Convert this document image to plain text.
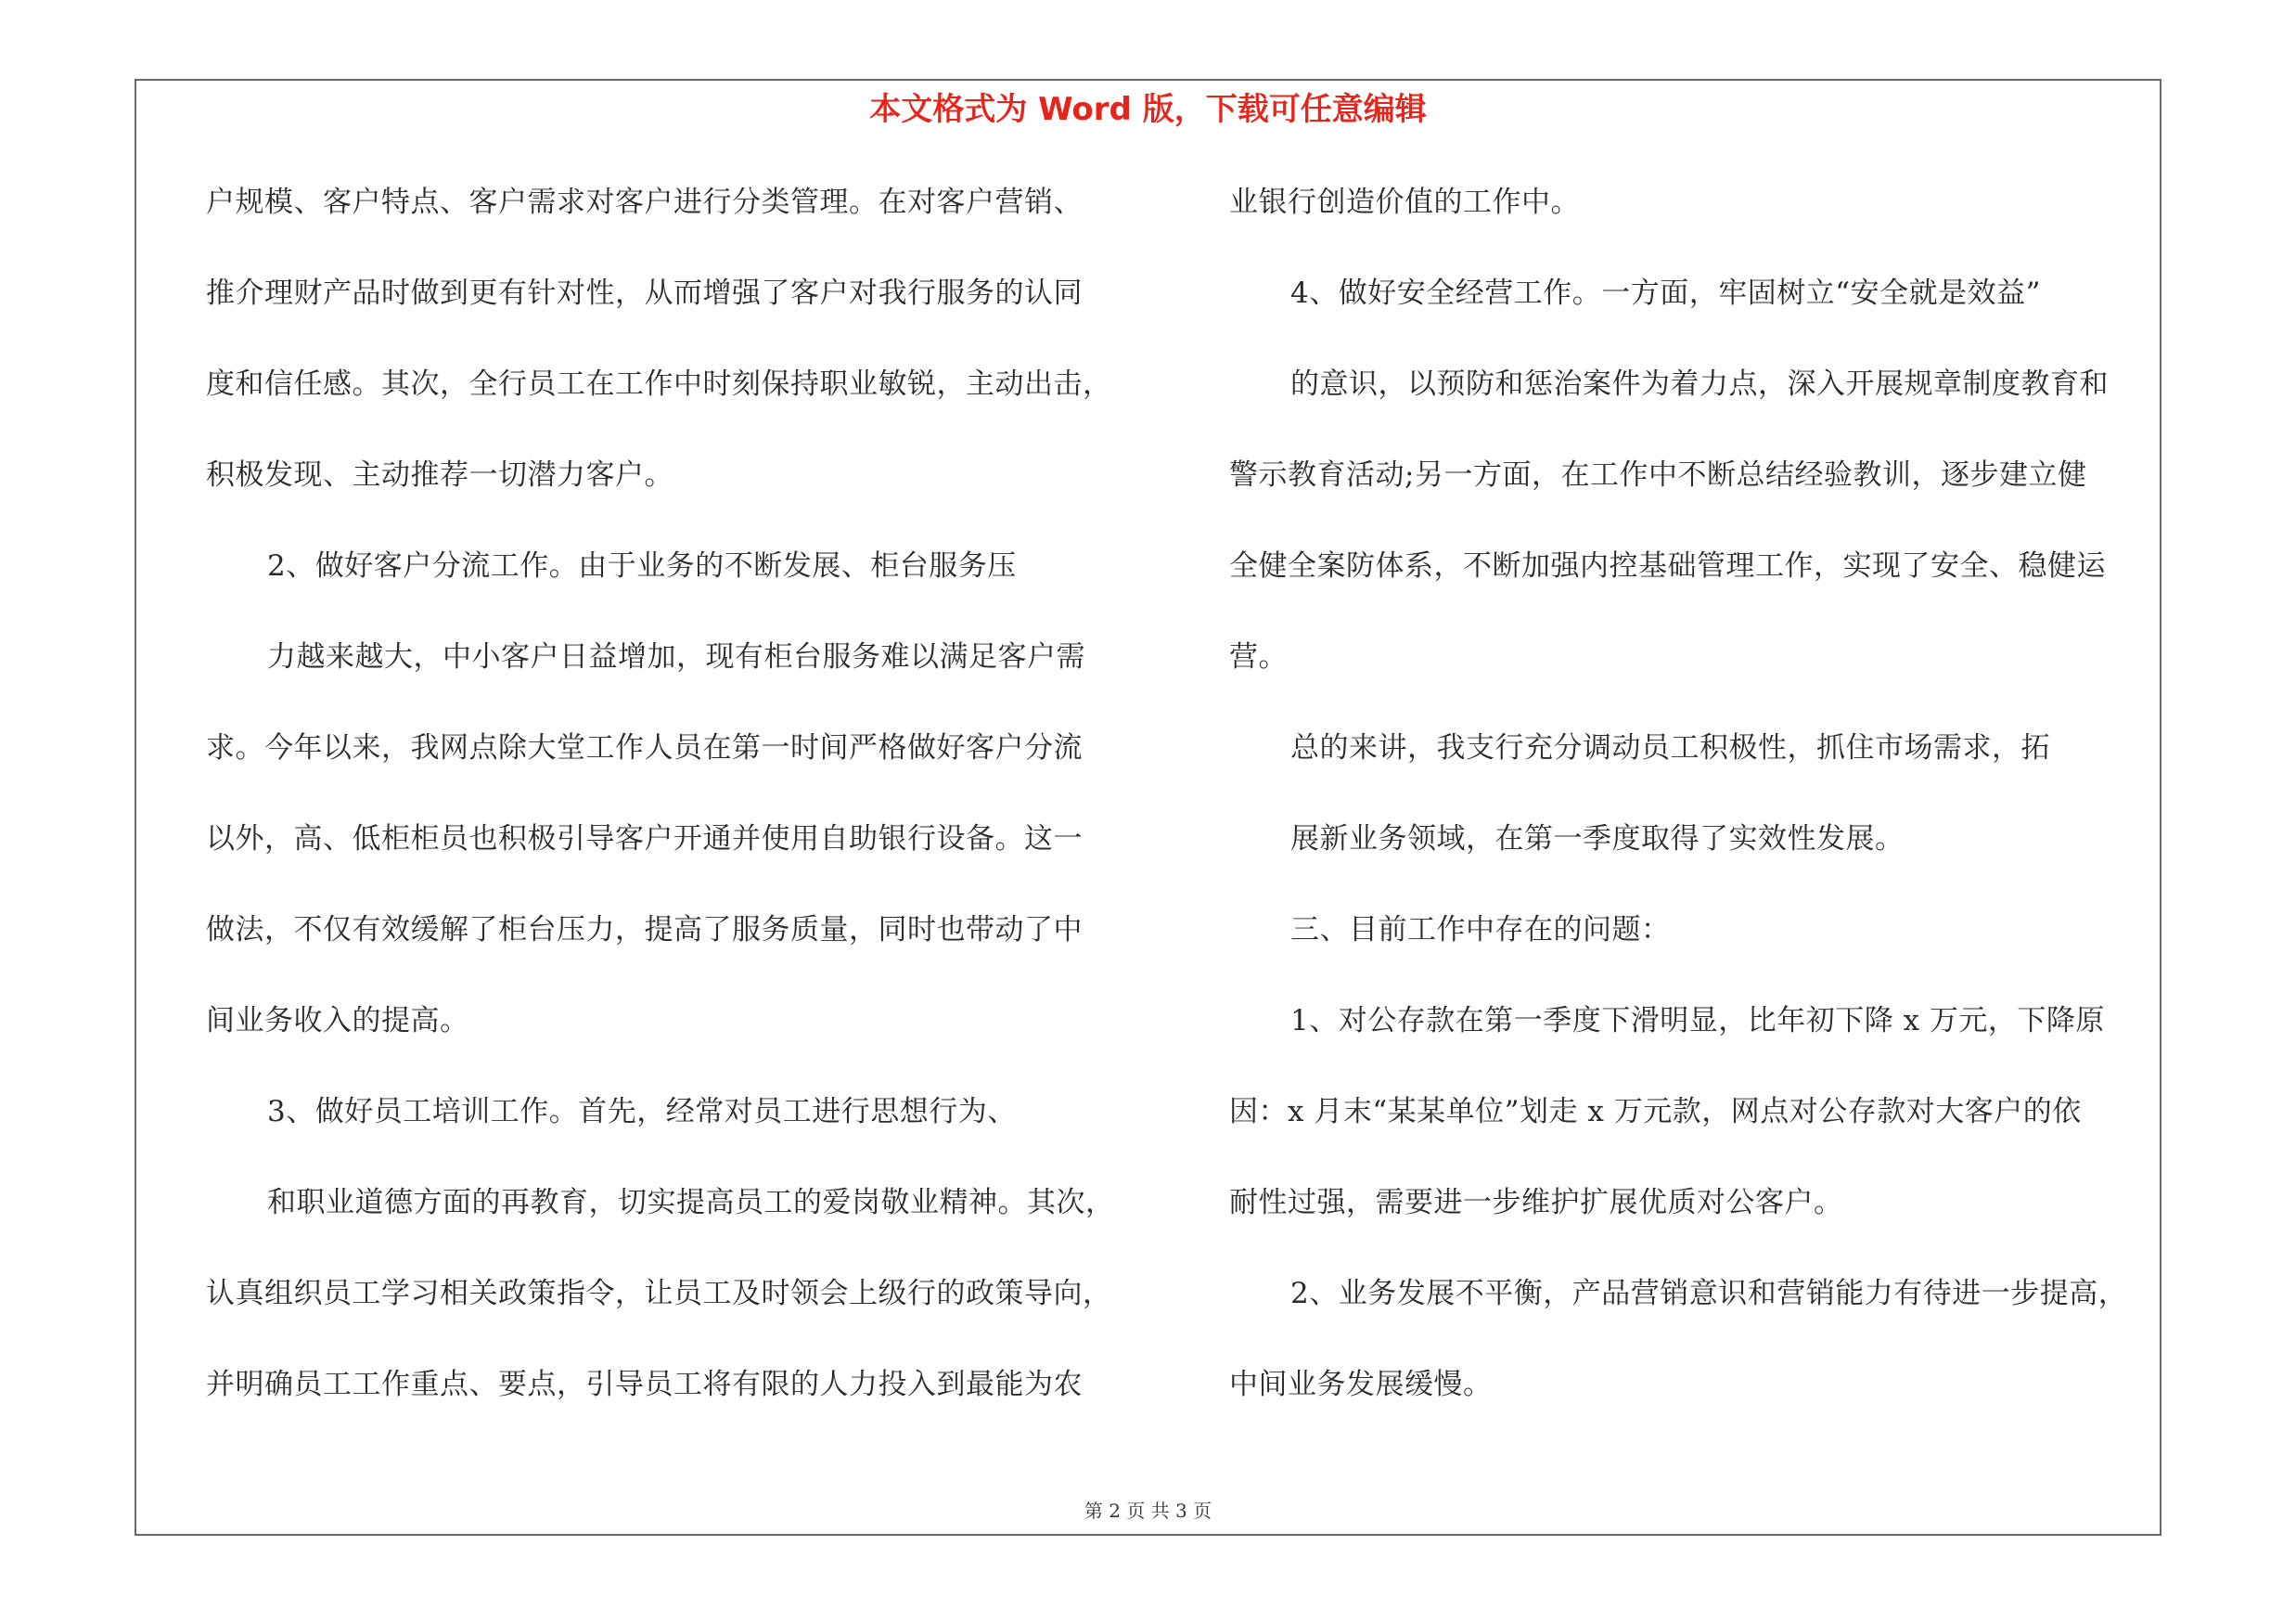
本文格式为 Word 版，下载可任意编辑
户规模、客户特点、客户需求对客户进行分类管理。在对客户营销、
推介理财产品时做到更有针对性，从而增强了客户对我行服务的认同
度和信任感。其次，全行员工在工作中时刻保持职业敏锐，主动出击，
积极发现、主动推荐一切潜力客户。
2、做好客户分流工作。由于业务的不断发展、柜台服务压
力越来越大，中小客户日益增加，现有柜台服务难以满足客户需
求。今年以来，我网点除大堂工作人员在第一时间严格做好客户分流
以外，高、低柜柜员也积极引导客户开通并使用自助银行设备。这一
做法，不仅有效缓解了柜台压力，提高了服务质量，同时也带动了中
间业务收入的提高。
3、做好员工培训工作。首先，经常对员工进行思想行为、
和职业道德方面的再教育，切实提高员工的爱岗敬业精神。其次，
认真组织员工学习相关政策指令，让员工及时领会上级行的政策导向，
并明确员工工作重点、要点，引导员工将有限的人力投入到最能为农
业银行创造价值的工作中。
4、做好安全经营工作。一方面，牢固树立“安全就是效益”
的意识，以预防和惩治案件为着力点，深入开展规章制度教育和
警示教育活动;另一方面，在工作中不断总结经验教训，逐步建立健
全健全案防体系，不断加强内控基础管理工作，实现了安全、稳健运
营。
总的来讲，我支行充分调动员工积极性，抓住市场需求，拓
展新业务领域，在第一季度取得了实效性发展。
三、目前工作中存在的问题：
1、对公存款在第一季度下滑明显，比年初下降 x 万元，下降原
因：x 月末“某某单位”划走 x 万元款，网点对公存款对大客户的依
耐性过强，需要进一步维护扩展优质对公客户。
2、业务发展不平衡，产品营销意识和营销能力有待进一步提高，
中间业务发展缓慢。
第 2 页 共 3 页
